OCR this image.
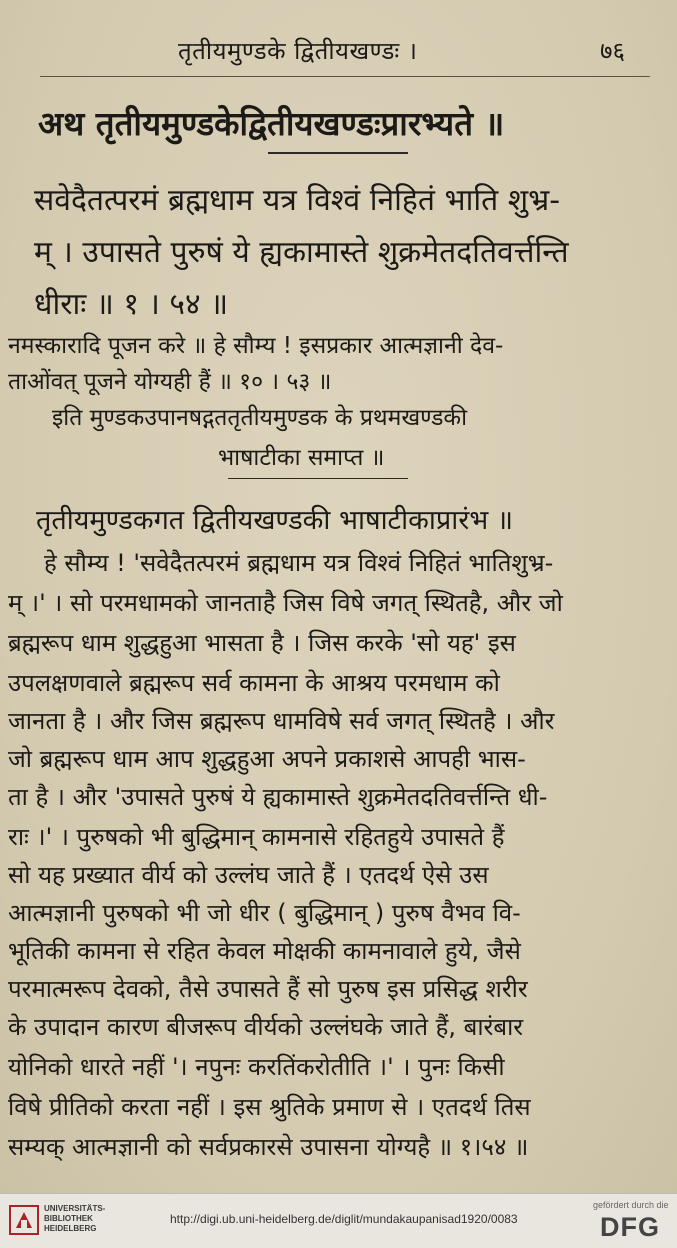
तृतीयमुण्डके द्वितीयखण्डः ।	७६
अथ तृतीयमुण्डकेद्वितीयखण्डःप्रारभ्यते ॥
सवेदैतत्परमं ब्रह्मधाम यत्र विश्वं निहितं भाति शुभ्र-
म् । उपासते पुरुषं ये ह्यकामास्ते शुक्रमेतदतिवर्त्तन्ति
धीराः ॥ १ । ५४ ॥
नमस्कारादि पूजन करे ॥ हे सौम्य ! इसप्रकार आत्मज्ञानी देव-
ताओंवत् पूजने योग्यही हैं ॥ १० । ५३ ॥
इति मुण्डकउपानषद्गततृतीयमुण्डक के प्रथमखण्डकी
भाषाटीका समाप्त ॥
तृतीयमुण्डकगत द्वितीयखण्डकी भाषाटीकाप्रारंभ ॥
हे सौम्य ! 'सवेदैतत्परमं ब्रह्मधाम यत्र विश्वं निहितं भातिशुभ्र-
म् ।' । सो परमधामको जानताहै जिस विषे जगत् स्थितहै, और जो
ब्रह्मरूप धाम शुद्धहुआ भासता है । जिस करके 'सो यह' इस
उपलक्षणवाले ब्रह्मरूप सर्व कामना के आश्रय परमधाम को
जानता है । और जिस ब्रह्मरूप धामविषे सर्व जगत् स्थितहै । और
जो ब्रह्मरूप धाम आप शुद्धहुआ अपने प्रकाशसे आपही भास-
ता है । और 'उपासते पुरुषं ये ह्यकामास्ते शुक्रमेतदतिवर्त्तन्ति धी-
राः ।' । पुरुषको भी बुद्धिमान् कामनासे रहितहुये उपासते हैं
सो यह प्रख्यात वीर्य को उल्लंघ जाते हैं । एतदर्थ ऐसे उस
आत्मज्ञानी पुरुषको भी जो धीर ( बुद्धिमान् ) पुरुष वैभव वि-
भूतिकी कामना से रहित केवल मोक्षकी कामनावाले हुये, जैसे
परमात्मरूप देवको, तैसे उपासते हैं सो पुरुष इस प्रसिद्ध शरीर
के उपादान कारण बीजरूप वीर्यको उल्लंघके जाते हैं, बारंबार
योनिको धारते नहीं '। नपुनः करतिंकरोतीति ।' । पुनः किसी
विषे प्रीतिको करता नहीं । इस श्रुतिके प्रमाण से । एतदर्थ तिस
सम्यक् आत्मज्ञानी को सर्वप्रकारसे उपासना योग्यहै ॥ १।५४ ॥
UNIVERSITÄTS-
BIBLIOTHEK
HEIDELBERG
http://digi.ub.uni-heidelberg.de/diglit/mundakaupanisad1920/0083
gefördert durch die
DFG
